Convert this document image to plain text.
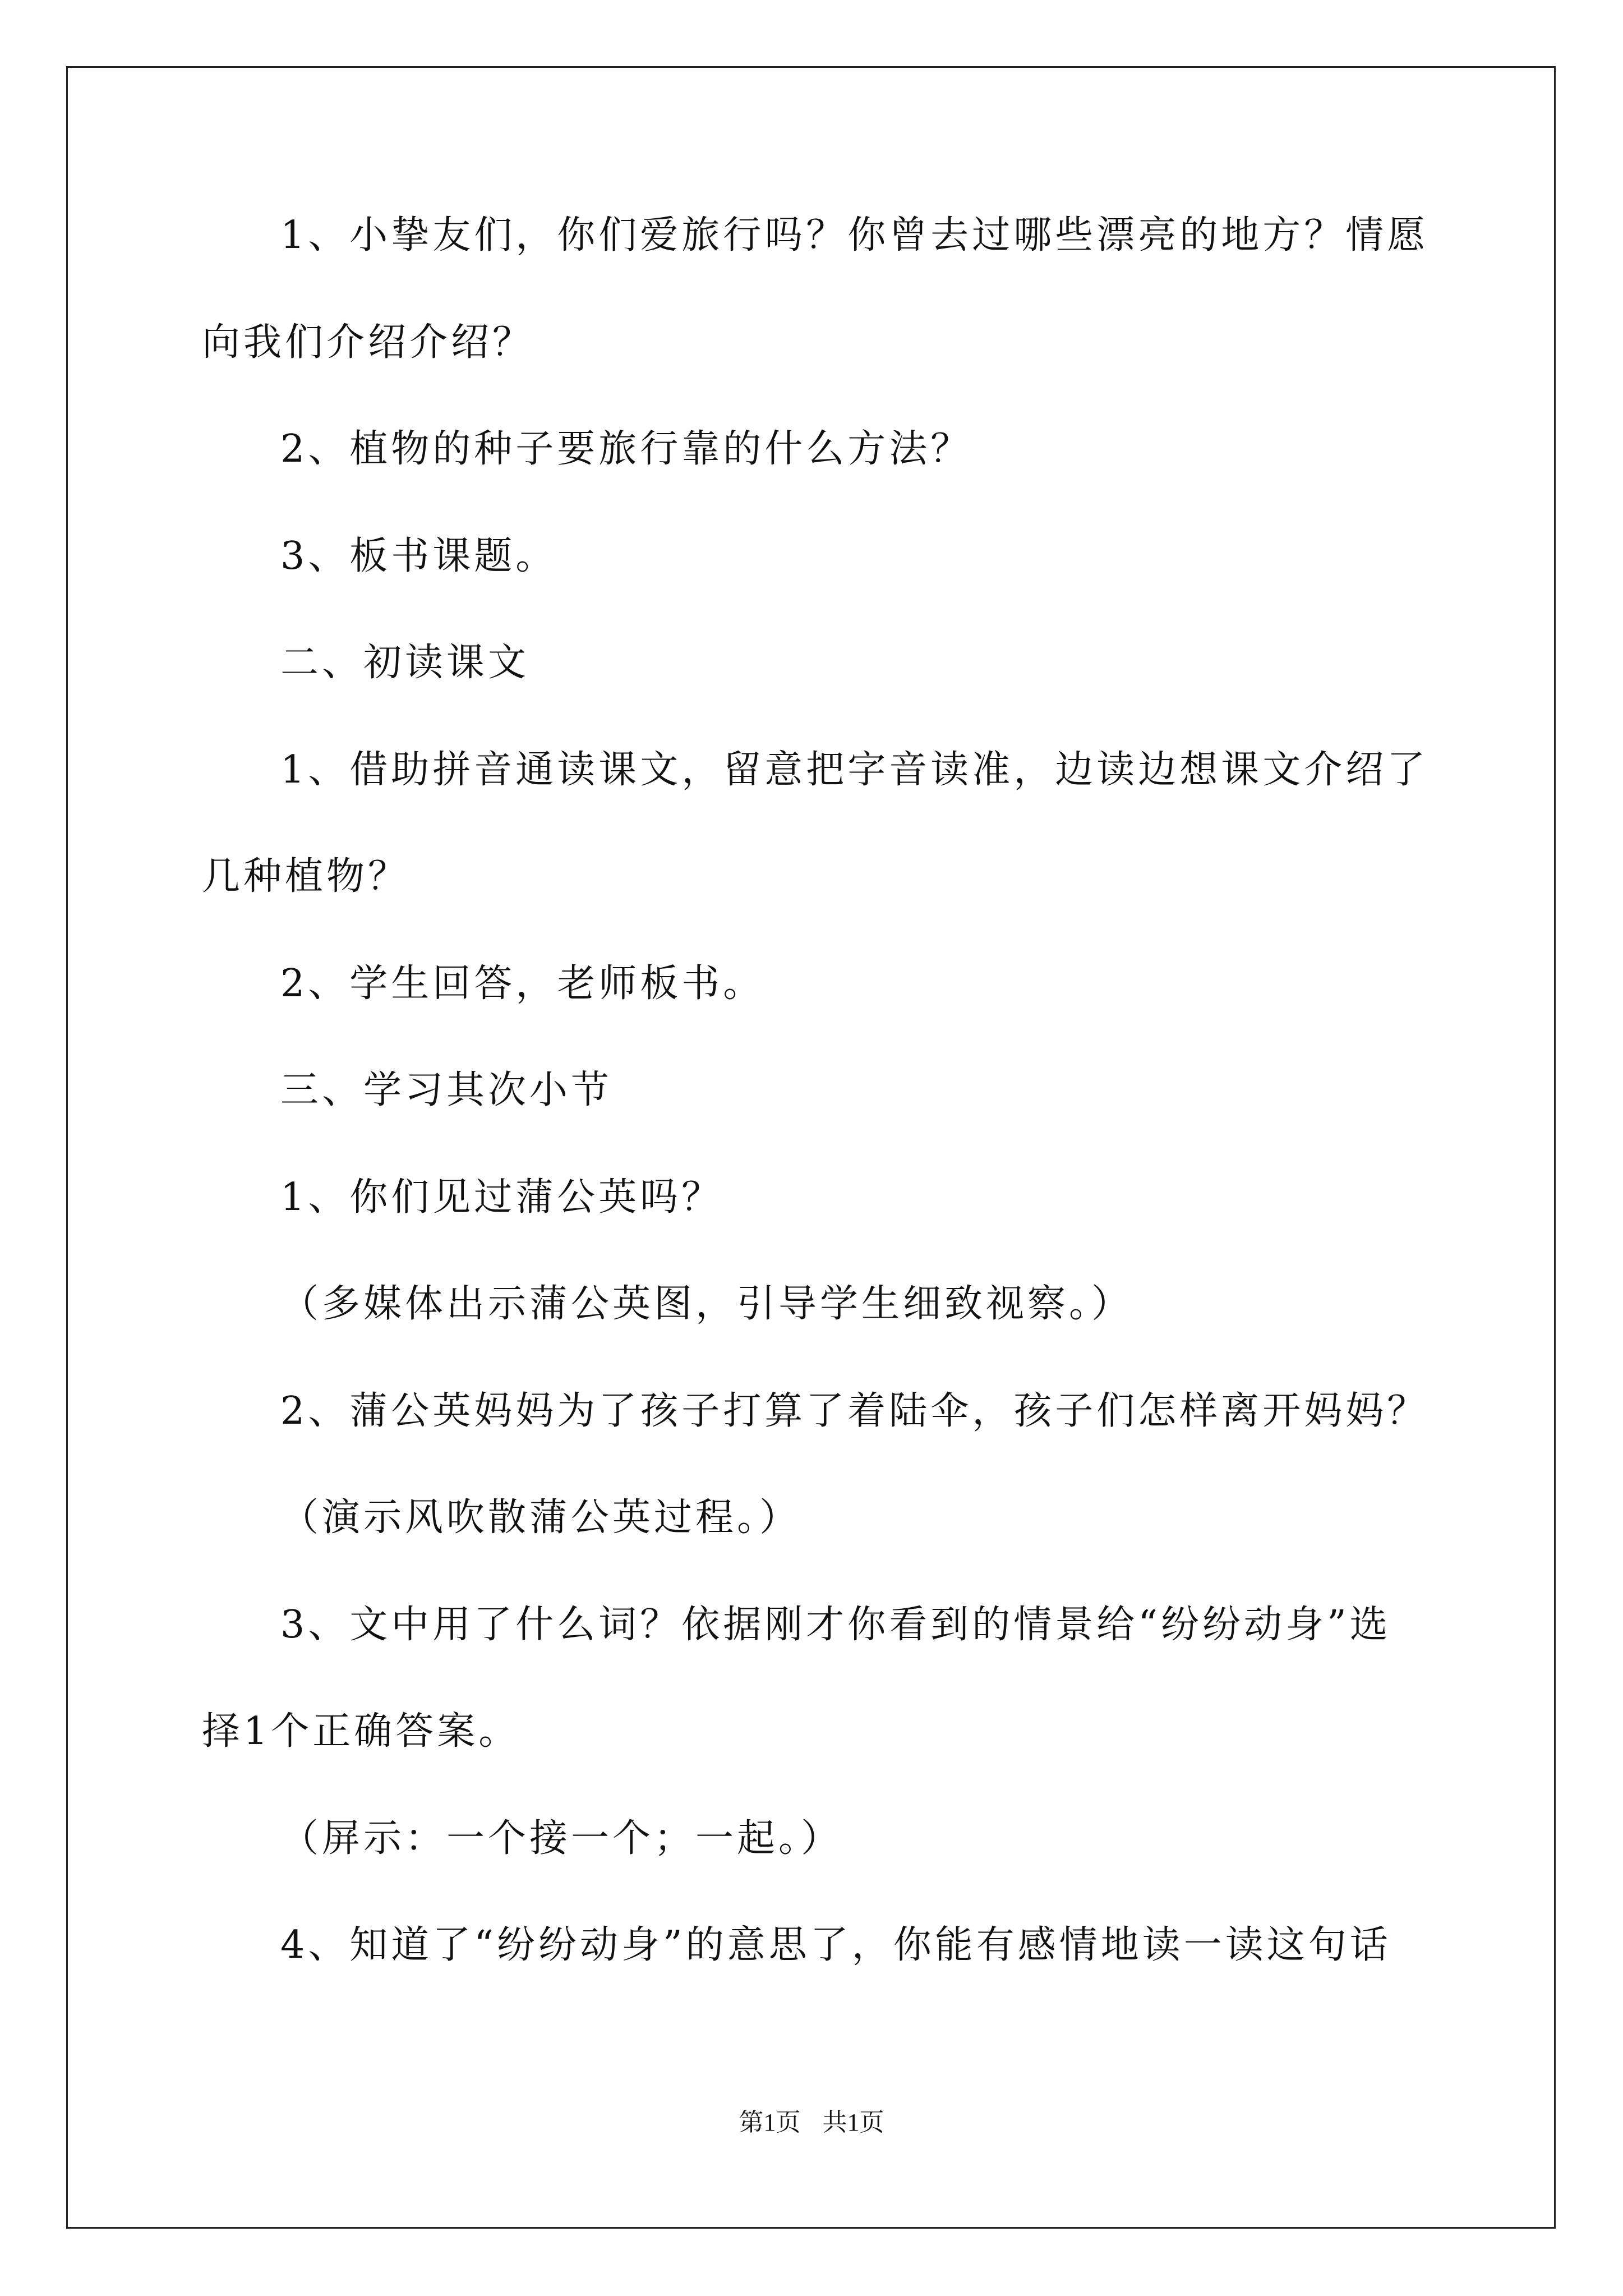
1、小挚友们，你们爱旅行吗？你曾去过哪些漂亮的地方？情愿
向我们介绍介绍？
2、植物的种子要旅行靠的什么方法？
3、板书课题。
二、初读课文
1、借助拼音通读课文，留意把字音读准，边读边想课文介绍了
几种植物？
2、学生回答，老师板书。
三、学习其次小节
1、你们见过蒲公英吗？
（多媒体出示蒲公英图，引导学生细致视察。）
2、蒲公英妈妈为了孩子打算了着陆伞，孩子们怎样离开妈妈？
（演示风吹散蒲公英过程。）
3、文中用了什么词？依据刚才你看到的情景给“纷纷动身”选
择1个正确答案。
（屏示：一个接一个；一起。）
4、知道了“纷纷动身”的意思了，你能有感情地读一读这句话
第1页 共1页
